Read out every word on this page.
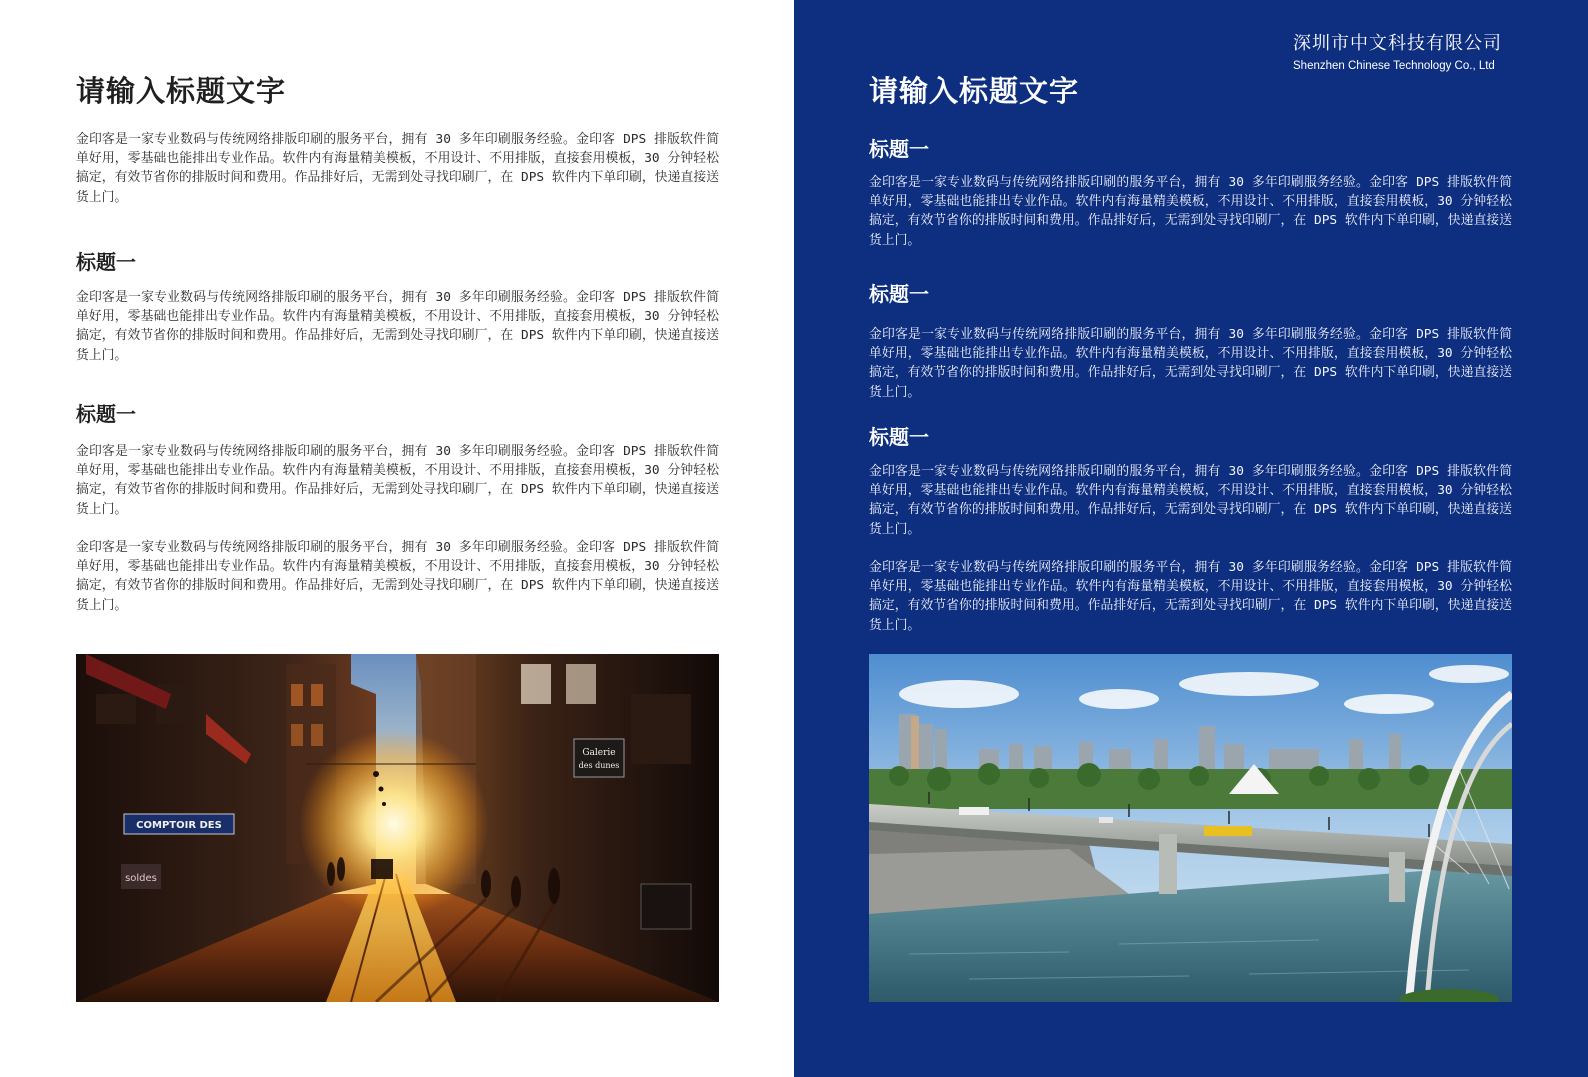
请输入标题文字
金印客是一家专业数码与传统网络排版印刷的服务平台，拥有 30 多年印刷服务经验。金印客 DPS 排版软件简单好用，零基础也能排出专业作品。软件内有海量精美模板，不用设计、不用排版，直接套用模板，30 分钟轻松搞定，有效节省你的排版时间和费用。作品排好后，无需到处寻找印刷厂，在 DPS 软件内下单印刷，快递直接送货上门。
标题一
金印客是一家专业数码与传统网络排版印刷的服务平台，拥有 30 多年印刷服务经验。金印客 DPS 排版软件简单好用，零基础也能排出专业作品。软件内有海量精美模板，不用设计、不用排版，直接套用模板，30 分钟轻松搞定，有效节省你的排版时间和费用。作品排好后，无需到处寻找印刷厂，在 DPS 软件内下单印刷，快递直接送货上门。
标题一
金印客是一家专业数码与传统网络排版印刷的服务平台，拥有 30 多年印刷服务经验。金印客 DPS 排版软件简单好用，零基础也能排出专业作品。软件内有海量精美模板，不用设计、不用排版，直接套用模板，30 分钟轻松搞定，有效节省你的排版时间和费用。作品排好后，无需到处寻找印刷厂，在 DPS 软件内下单印刷，快递直接送货上门。
金印客是一家专业数码与传统网络排版印刷的服务平台，拥有 30 多年印刷服务经验。金印客 DPS 排版软件简单好用，零基础也能排出专业作品。软件内有海量精美模板，不用设计、不用排版，直接套用模板，30 分钟轻松搞定，有效节省你的排版时间和费用。作品排好后，无需到处寻找印刷厂，在 DPS 软件内下单印刷，快递直接送货上门。
COMPTOIR DES
soldes
Galerie
des dunes
深圳市中文科技有限公司
Shenzhen Chinese Technology Co., Ltd
请输入标题文字
标题一
金印客是一家专业数码与传统网络排版印刷的服务平台，拥有 30 多年印刷服务经验。金印客 DPS 排版软件简单好用，零基础也能排出专业作品。软件内有海量精美模板，不用设计、不用排版，直接套用模板，30 分钟轻松搞定，有效节省你的排版时间和费用。作品排好后，无需到处寻找印刷厂，在 DPS 软件内下单印刷，快递直接送货上门。
标题一
金印客是一家专业数码与传统网络排版印刷的服务平台，拥有 30 多年印刷服务经验。金印客 DPS 排版软件简单好用，零基础也能排出专业作品。软件内有海量精美模板，不用设计、不用排版，直接套用模板，30 分钟轻松搞定，有效节省你的排版时间和费用。作品排好后，无需到处寻找印刷厂，在 DPS 软件内下单印刷，快递直接送货上门。
标题一
金印客是一家专业数码与传统网络排版印刷的服务平台，拥有 30 多年印刷服务经验。金印客 DPS 排版软件简单好用，零基础也能排出专业作品。软件内有海量精美模板，不用设计、不用排版，直接套用模板，30 分钟轻松搞定，有效节省你的排版时间和费用。作品排好后，无需到处寻找印刷厂，在 DPS 软件内下单印刷，快递直接送货上门。
金印客是一家专业数码与传统网络排版印刷的服务平台，拥有 30 多年印刷服务经验。金印客 DPS 排版软件简单好用，零基础也能排出专业作品。软件内有海量精美模板，不用设计、不用排版，直接套用模板，30 分钟轻松搞定，有效节省你的排版时间和费用。作品排好后，无需到处寻找印刷厂，在 DPS 软件内下单印刷，快递直接送货上门。
